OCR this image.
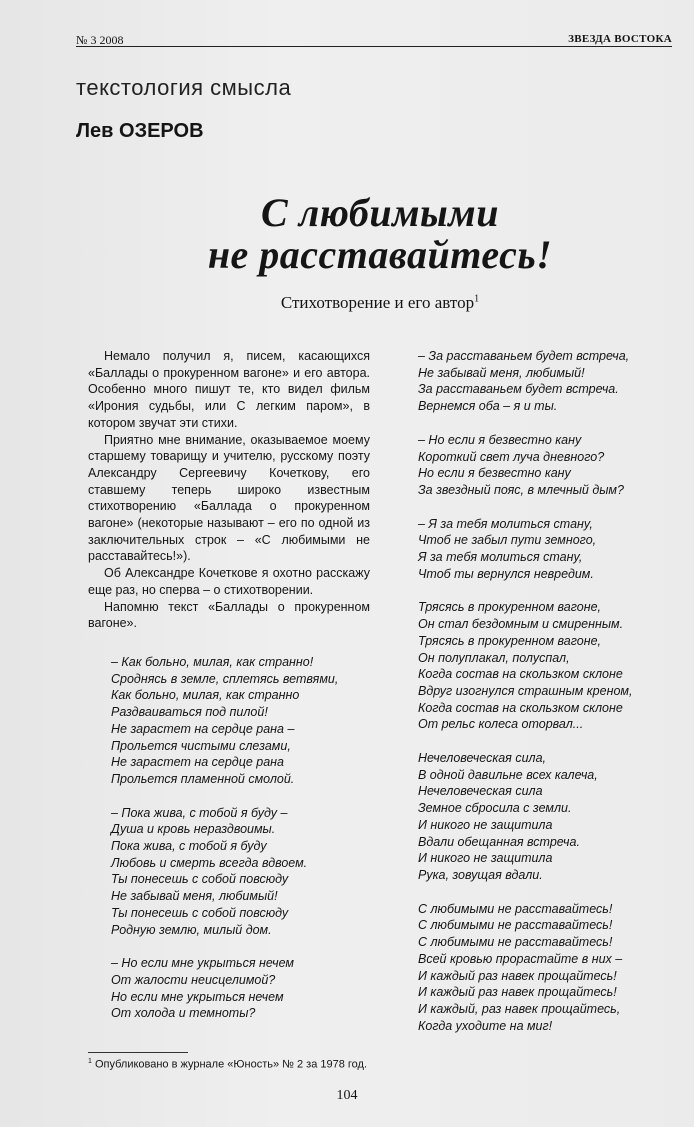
№ 3 2008	ЗВЕЗДА ВОСТОКА
текстология смысла
Лев ОЗЕРОВ
С любимыми
не расставайтесь!
Стихотворение и его автор$^1$

Немало получил я, писем, касающихся «Баллады о прокуренном вагоне» и его автора. Особенно много пишут те, кто видел фильм «Ирония судьбы, или С легким паром», в котором звучат эти стихи.

Приятно мне внимание, оказываемое моему старшему товарищу и учителю, русскому поэту Александру Сергеевичу Кочеткову, его ставшему теперь широко известным стихотворению «Баллада о прокуренном вагоне» (некоторые называют – его по одной из заключительных строк – «С любимыми не расставайтесь!»).

Об Александре Кочеткове я охотно расскажу еще раз, но сперва – о стихотворении.

Напомню текст «Баллады о прокуренном вагоне».

– Как больно, милая, как странно!
Сроднясь в земле, сплетясь ветвями,
Как больно, милая, как странно
Раздваиваться под пилой!
Не зарастет на сердце рана –
Прольется чистыми слезами,
Не зарастет на сердце рана
Прольется пламенной смолой.
– Пока жива, с тобой я буду –
Душа и кровь нераздвоимы.
Пока жива, с тобой я буду
Любовь и смерть всегда вдвоем.
Ты понесешь с собой повсюду
Не забывай меня, любимый!
Ты понесешь с собой повсюду
Родную землю, милый дом.
– Но если мне укрыться нечем
От жалости неисцелимой?
Но если мне укрыться нечем
От холода и темноты?
– За расставаньем будет встреча,
Не забывай меня, любимый!
За расставаньем будет встреча.
Вернемся оба – я и ты.
– Но если я безвестно кану
Короткий свет луча дневного?
Но если я безвестно кану
За звездный пояс, в млечный дым?
– Я за тебя молиться стану,
Чтоб не забыл пути земного,
Я за тебя молиться стану,
Чтоб ты вернулся невредим.
Трясясь в прокуренном вагоне,
Он стал бездомным и смиренным.
Трясясь в прокуренном вагоне,
Он полуплакал, полуспал,
Когда состав на скользком склоне
Вдруг изогнулся страшным креном,
Когда состав на скользком склоне
От рельс колеса оторвал...
Нечеловеческая сила,
В одной давильне всех калеча,
Нечеловеческая сила
Земное сбросила с земли.
И никого не защитила
Вдали обещанная встреча.
И никого не защитила
Рука, зовущая вдали.
С любимыми не расставайтесь!
С любимыми не расставайтесь!
С любимыми не расставайтесь!
Всей кровью прорастайте в них –
И каждый раз навек прощайтесь!
И каждый раз навек прощайтесь!
И каждый, раз навек прощайтесь,
Когда уходите на миг!
$^1$ Опубликовано в журнале «Юность» № 2 за 1978 год.
104
